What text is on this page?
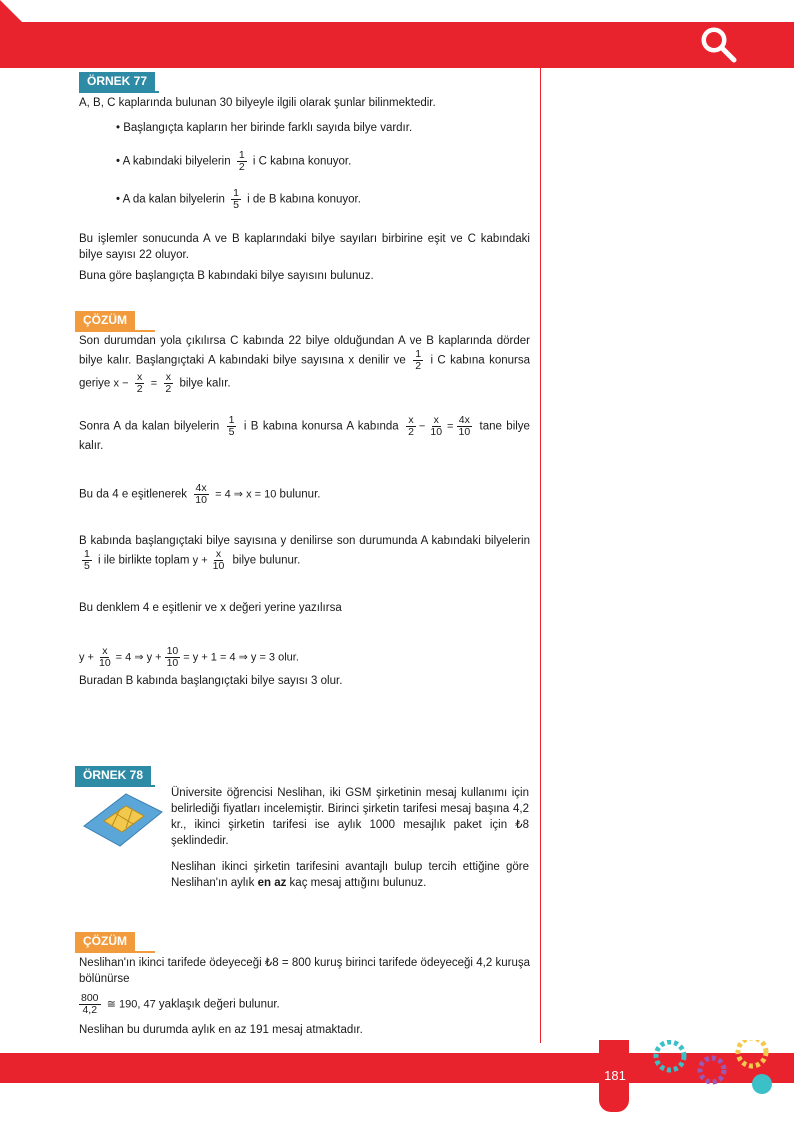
ÖRNEK 77

A, B, C kaplarında bulunan 30 bilyeyle ilgili olarak şunlar bilinmektedir.

• Başlangıçta kapların her birinde farklı sayıda bilye vardır.

• A kabındaki bilyelerin $\frac{1}{2}$ i C kabına konuyor.
• A da kalan bilyelerin $\frac{1}{5}$ i de B kabına konuyor.

Bu işlemler sonucunda A ve B kaplarındaki bilye sayıları birbirine eşit ve C kabındaki bilye sayısı 22 oluyor.

Buna göre başlangıçta B kabındaki bilye sayısını bulunuz.

ÇÖZÜM
Son durumdan yola çıkılırsa C kabında 22 bilye olduğundan A ve B kaplarında dörder bilye kalır. Başlangıçtaki A kabındaki bilye sayısına x denilir ve $\frac{1}{2}$ i C kabına konursa geriye $x - \frac{x}{2} = \frac{x}{2}$ bilye kalır.
Sonra A da kalan bilyelerin $\frac{1}{5}$ i B kabına konursa A kabında $\frac{x}{2} - \frac{x}{10} = \frac{4x}{10}$ tane bilye kalır.
Bu da 4 e eşitlenerek $\frac{4x}{10} = 4$ ⇒ x = 10 bulunur.
B kabında başlangıçtaki bilye sayısına y denilirse son durumunda A kabındaki bilyelerin
$\frac{1}{5}$ i ile birlikte toplam $y + \frac{x}{10}$ bilye bulunur.

Bu denklem 4 e eşitlenir ve x değeri yerine yazılırsa

$y + \frac{x}{10} = 4$ ⇒ $y + \frac{10}{10} = y + 1 = 4$ ⇒ y = 3 olur.

Buradan B kabında başlangıçtaki bilye sayısı 3 olur.

ÖRNEK 78

Üniversite öğrencisi Neslihan, iki GSM şirketinin mesaj kullanımı için belirlediği fiyatları incelemiştir. Birinci şirketin tarifesi mesaj başına 4,2 kr., ikinci şirketin tarifesi ise aylık 1000 mesajlık paket için ₺8 şeklindedir.

Neslihan ikinci şirketin tarifesini avantajlı bulup tercih ettiğine göre Neslihan'ın aylık en az kaç mesaj attığını bulunuz.
ÇÖZÜM

Neslihan'ın ikinci tarifede ödeyeceği ₺8 = 800 kuruş birinci tarifede ödeyeceği 4,2 kuruşa bölünürse

$\frac{800}{4,2}$ ≅ 190, 47 yaklaşık değeri bulunur.

Neslihan bu durumda aylık en az 191 mesaj atmaktadır.

181
